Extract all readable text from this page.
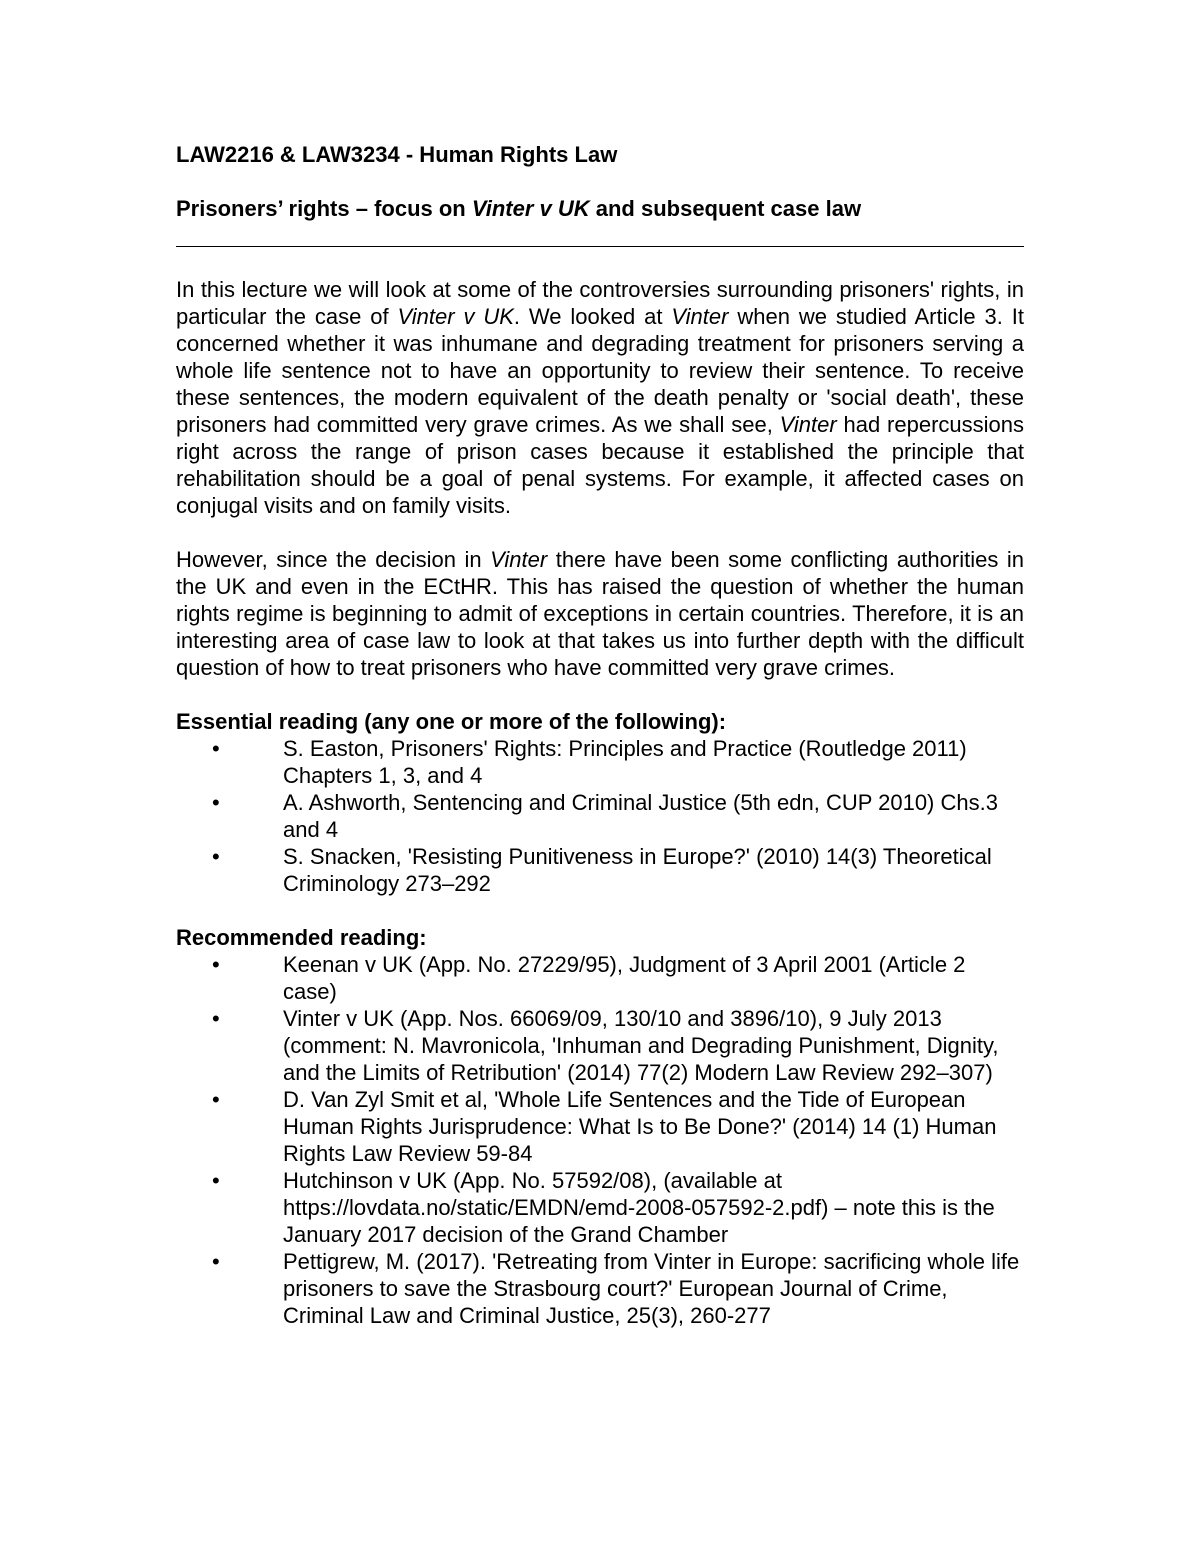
LAW2216 & LAW3234 - Human Rights Law
Prisoners’ rights – focus on Vinter v UK and subsequent case law

In this lecture we will look at some of the controversies surrounding prisoners' rights, in particular the case of Vinter v UK. We looked at Vinter when we studied Article 3. It concerned whether it was inhumane and degrading treatment for prisoners serving a whole life sentence not to have an opportunity to review their sentence. To receive these sentences, the modern equivalent of the death penalty or 'social death', these prisoners had committed very grave crimes. As we shall see, Vinter had repercussions right across the range of prison cases because it established the principle that rehabilitation should be a goal of penal systems. For example, it affected cases on conjugal visits and on family visits.

However, since the decision in Vinter there have been some conflicting authorities in the UK and even in the ECtHR. This has raised the question of whether the human rights regime is beginning to admit of exceptions in certain countries. Therefore, it is an interesting area of case law to look at that takes us into further depth with the difficult question of how to treat prisoners who have committed very grave crimes.

Essential reading (any one or more of the following):
•	S. Easton, Prisoners' Rights: Principles and Practice (Routledge 2011) Chapters 1, 3, and 4
•	A. Ashworth, Sentencing and Criminal Justice (5th edn, CUP 2010) Chs.3 and 4
•	S. Snacken, 'Resisting Punitiveness in Europe?' (2010) 14(3) Theoretical Criminology 273–292
Recommended reading:
•	Keenan v UK (App. No. 27229/95), Judgment of 3 April 2001 (Article 2 case)
•	Vinter v UK (App. Nos. 66069/09, 130/10 and 3896/10), 9 July 2013 (comment: N. Mavronicola, 'Inhuman and Degrading Punishment, Dignity, and the Limits of Retribution' (2014) 77(2) Modern Law Review 292–307)
•	D. Van Zyl Smit et al, 'Whole Life Sentences and the Tide of European Human Rights Jurisprudence: What Is to Be Done?' (2014) 14 (1) Human Rights Law Review 59-84
•	Hutchinson v UK (App. No. 57592/08), (available at https://lovdata.no/static/EMDN/emd-2008-057592-2.pdf) – note this is the January 2017 decision of the Grand Chamber
•	Pettigrew, M. (2017). 'Retreating from Vinter in Europe: sacrificing whole life prisoners to save the Strasbourg court?' European Journal of Crime, Criminal Law and Criminal Justice, 25(3), 260-277
